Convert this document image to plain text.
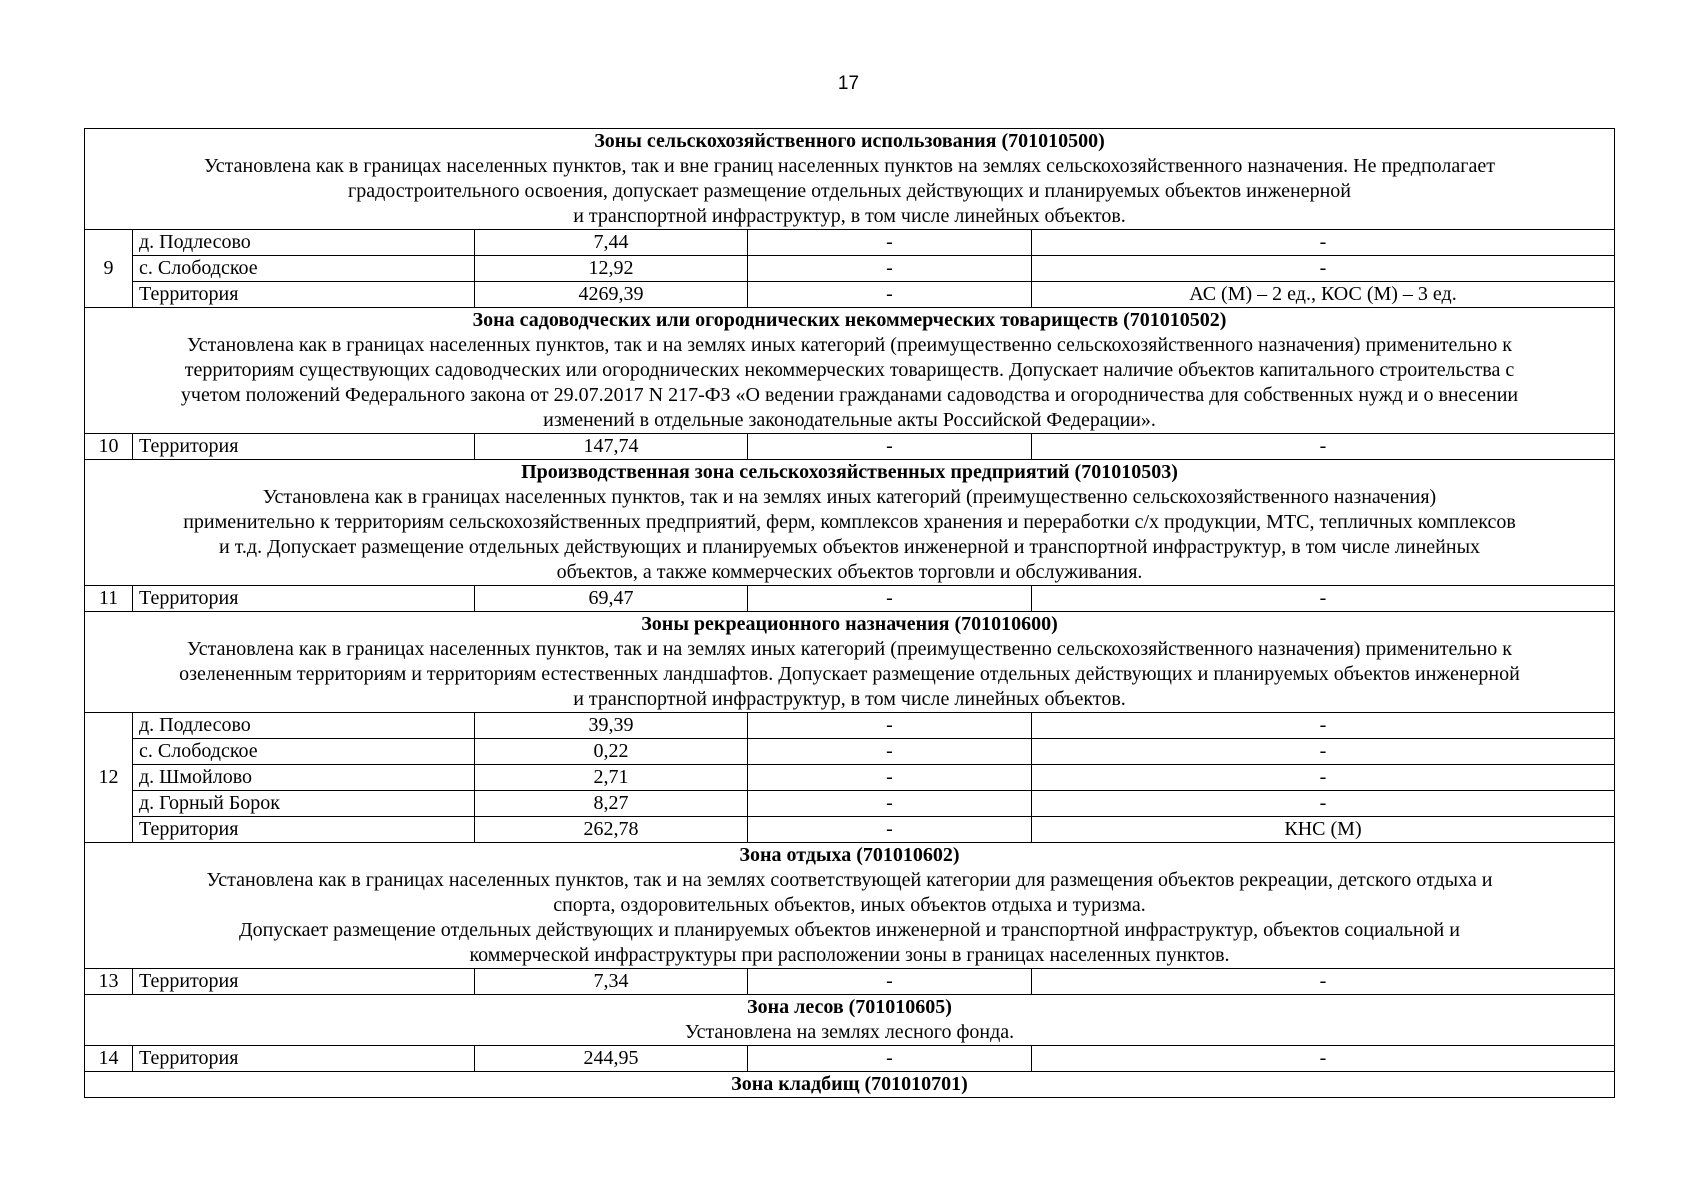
17
Зоны сельскохозяйственного использования (701010500)
Установлена как в границах населенных пунктов, так и вне границ населенных пунктов на землях сельскохозяйственного назначения. Не предполагает
градостроительного освоения, допускает размещение отдельных действующих и планируемых объектов инженерной
и транспортной инфраструктур, в том числе линейных объектов.				

9	д. Подлесово	7,44	-	-
	с. Слободское	12,92	-	-
	Территория	4269,39	-	АС (М) – 2 ед., КОС (М) – 3 ед.

Зона садоводческих или огороднических некоммерческих товариществ (701010502)
Установлена как в границах населенных пунктов, так и на землях иных категорий (преимущественно сельскохозяйственного назначения) применительно к
территориям существующих садоводческих или огороднических некоммерческих товариществ. Допускает наличие объектов капитального строительства с
учетом положений Федерального закона от 29.07.2017 N 217-ФЗ «О ведении гражданами садоводства и огородничества для собственных нужд и о внесении
изменений в отдельные законодательные акты Российской Федерации».				

10	Территория	147,74	-	-

Производственная зона сельскохозяйственных предприятий (701010503)
Установлена как в границах населенных пунктов, так и на землях иных категорий (преимущественно сельскохозяйственного назначения)
применительно к территориям сельскохозяйственных предприятий, ферм, комплексов хранения и переработки с/х продукции, МТС, тепличных комплексов
и т.д. Допускает размещение отдельных действующих и планируемых объектов инженерной и транспортной инфраструктур, в том числе линейных
объектов, а также коммерческих объектов торговли и обслуживания.				

11	Территория	69,47	-	-

Зоны рекреационного назначения (701010600)
Установлена как в границах населенных пунктов, так и на землях иных категорий (преимущественно сельскохозяйственного назначения) применительно к
озелененным территориям и территориям естественных ландшафтов. Допускает размещение отдельных действующих и планируемых объектов инженерной
и транспортной инфраструктур, в том числе линейных объектов.				

12	д. Подлесово	39,39	-	-
	с. Слободское	0,22	-	-
	д. Шмойлово	2,71	-	-
	д. Горный Борок	8,27	-	-
	Территория	262,78	-	КНС (М)

Зона отдыха (701010602)
Установлена как в границах населенных пунктов, так и на землях соответствующей категории для размещения объектов рекреации, детского отдыха и
спорта, оздоровительных объектов, иных объектов отдыха и туризма.
Допускает размещение отдельных действующих и планируемых объектов инженерной и транспортной инфраструктур, объектов социальной и
коммерческой инфраструктуры при расположении зоны в границах населенных пунктов.				

13	Территория	7,34	-	-

Зона лесов (701010605)
Установлена на землях лесного фонда.				

14	Территория	244,95	-	-

Зона кладбищ (701010701)				
